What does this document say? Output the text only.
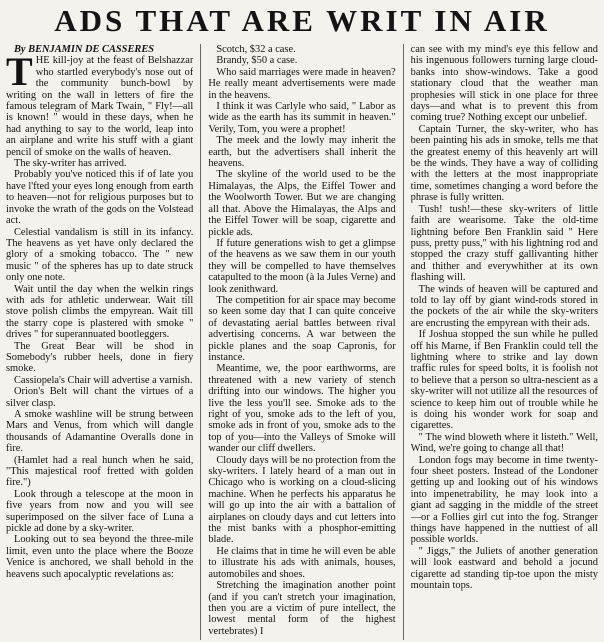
ADS THAT ARE WRIT IN AIR

By BENJAMIN DE CASSERES

THE kill-joy at the feast of Belshazzar who startled everybody's nose out of the community bunch-bowl by writing on the wall in letters of fire the famous telegram of Mark Twain, " Fly!—all is known! " would in these days, when he had anything to say to the world, leap into an airplane and write his stuff with a giant pencil of smoke on the walls of heaven.

The sky-writer has arrived.

Probably you've noticed this if of late you have l'fted your eyes long enough from earth to heaven—not for religious purposes but to invoke the wrath of the gods on the Volstead act.

Celestial vandalism is still in its infancy. The heavens as yet have only declared the glory of a smoking tobacco. The " new music " of the spheres has up to date struck only one note.

Wait until the day when the welkin rings with ads for athletic underwear. Wait till stove polish climbs the empyrean. Wait till the starry cope is plastered with smoke " drives " for superannuated bootleggers.

The Great Bear will be shod in Somebody's rubber heels, done in fiery smoke.

Cassiopela's Chair will advertise a varnish.

Orion's Belt will chant the virtues of a silver clasp.

A smoke washline will be strung between Mars and Venus, from which will dangle thousands of Adamantine Overalls done in fire.

(Hamlet had a real hunch when he said, "This majestical roof fretted with golden fire.")

Look through a telescope at the moon in five years from now and you will see superimposed on the silver face of Luna a pickle ad done by a sky-writer.

Looking out to sea beyond the three-mile limit, even unto the place where the Booze Venice is anchored, we shall behold in the heavens such apocalyptic revelations as:

Scotch, $32 a case.

Brandy, $50 a case.

Who said marriages were made in heaven? He really meant advertisements were made in the heavens.

I think it was Carlyle who said, " Labor as wide as the earth has its summit in heaven." Verily, Tom, you were a prophet!

The meek and the lowly may inherit the earth, but the advertisers shall inherit the heavens.

The skyline of the world used to be the Himalayas, the Alps, the Eiffel Tower and the Woolworth Tower. But we are changing all that. Above the Himalayas, the Alps and the Eiffel Tower will be soap, cigarette and pickle ads.

If future generations wish to get a glimpse of the heavens as we saw them in our youth they will be compelled to have themselves catapulted to the moon (à la Jules Verne) and look zenithward.

The competition for air space may become so keen some day that I can quite conceive of devastating aerial battles between rival advertising concerns. A war between the pickle planes and the soap Capronis, for instance.

Meantime, we, the poor earthworms, are threatened with a new variety of stench drifting into our windows. The higher you live the less you'll see. Smoke ads to the right of you, smoke ads to the left of you, smoke ads in front of you, smoke ads to the top of you—into the Valleys of Smoke will wander our cliff dwellers.

Cloudy days will be no protection from the sky-writers. I lately heard of a man out in Chicago who is working on a cloud-slicing machine. When he perfects his apparatus he will go up into the air with a battalion of airplanes on cloudy days and cut letters into the mist banks with a phosphor-emitting blade.

He claims that in time he will even be able to illustrate his ads with animals, houses, automobiles and shoes.

Stretching the imagination another point (and if you can't stretch your imagination, then you are a victim of pure intellect, the lowest mental form of the highest vertebrates) I

can see with my mind's eye this fellow and his ingenuous followers turning large cloud-banks into show-windows. Take a good stationary cloud that the weather man prophesies will stick in one place for three days—and what is to prevent this from coming true? Nothing except our unbelief.

Captain Turner, the sky-writer, who has been painting his ads in smoke, tells me that the greatest enemy of this heavenly art will be the winds. They have a way of colliding with the letters at the most inappropriate time, sometimes changing a word before the phrase is fully written.

Tush! tush!—these sky-writers of little faith are wearisome. Take the old-time lightning before Ben Franklin said " Here puss, pretty puss," with his lightning rod and stopped the crazy stuff gallivanting hither and thither and everywhither at its own flashing will.

The winds of heaven will be captured and told to lay off by giant wind-rods stored in the pockets of the air while the sky-writers are encrusting the empyrean with their ads.

If Joshua stopped the sun while he pulled off his Marne, if Ben Franklin could tell the lightning where to strike and lay down traffic rules for speed bolts, it is foolish not to believe that a person so ultra-nescient as a sky-writer will not utilize all the resources of science to keep him out of trouble while he is doing his wonder work for soap and cigarettes.

" The wind bloweth where it listeth." Well, Wind, we're going to change all that!

London fogs may become in time twenty-four sheet posters. Instead of the Londoner getting up and looking out of his windows into impenetrability, he may look into a giant ad sagging in the middle of the street—or a Follies girl cut into the fog. Stranger things have happened in the nuttiest of all possible worlds.

" Jiggs," the Juliets of another generation will look eastward and behold a jocund cigarette ad standing tip-toe upon the misty mountain tops.
